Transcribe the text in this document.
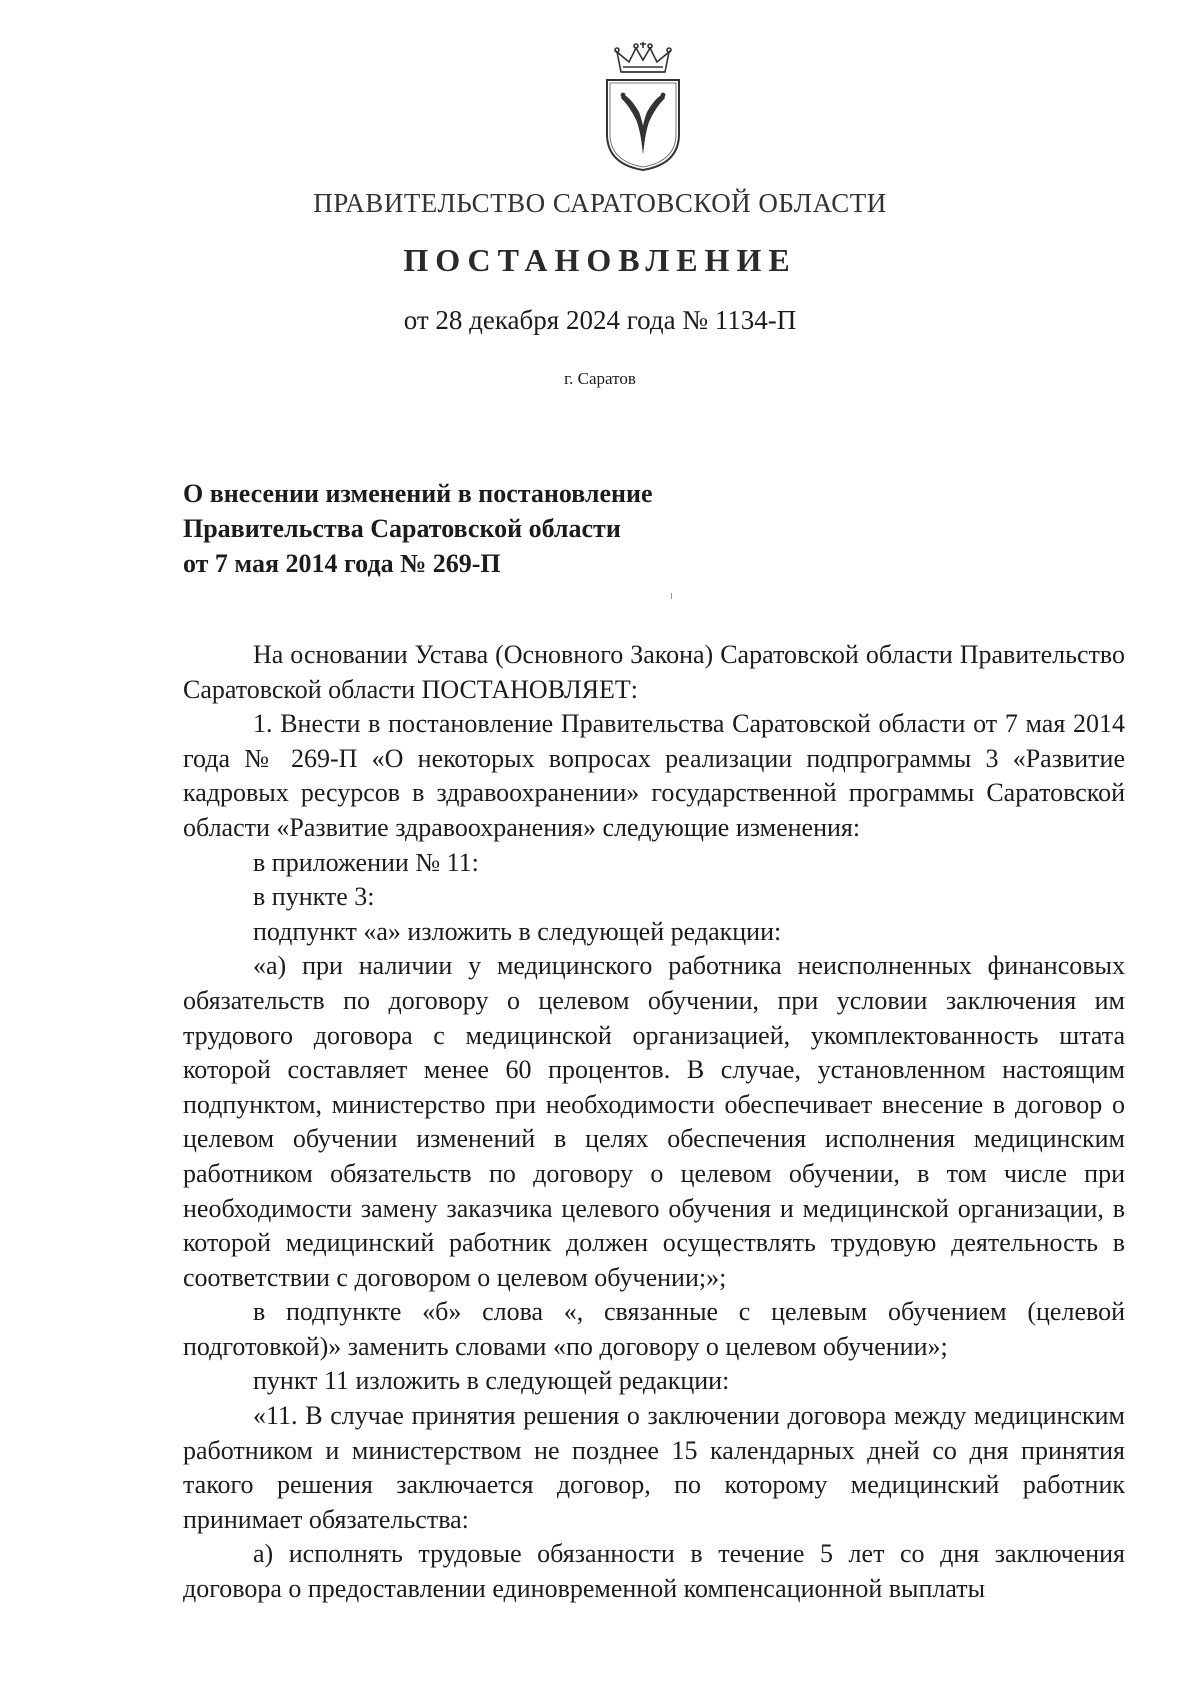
ПРАВИТЕЛЬСТВО САРАТОВСКОЙ ОБЛАСТИ
ПОСТАНОВЛЕНИЕ
от 28 декабря 2024 года № 1134-П
г. Саратов
О внесении изменений в постановление
Правительства Саратовской области
от 7 мая 2014 года № 269-П

На основании Устава (Основного Закона) Саратовской области Правительство Саратовской области ПОСТАНОВЛЯЕТ:

1. Внести в постановление Правительства Саратовской области от 7 мая 2014 года № 269-П «О некоторых вопросах реализации подпрограммы 3 «Развитие кадровых ресурсов в здравоохранении» государственной программы Саратовской области «Развитие здравоохранения» следующие изменения:

в приложении № 11:

в пункте 3:

подпункт «а» изложить в следующей редакции:

«а) при наличии у медицинского работника неисполненных финансовых обязательств по договору о целевом обучении, при условии заключения им трудового договора с медицинской организацией, укомплектованность штата которой составляет менее 60 процентов. В случае, установленном настоящим подпунктом, министерство при необходимости обеспечивает внесение в договор о целевом обучении изменений в целях обеспечения исполнения медицинским работником обязательств по договору о целевом обучении, в том числе при необходимости замену заказчика целевого обучения и медицинской организации, в которой медицинский работник должен осуществлять трудовую деятельность в соответствии с договором о целевом обучении;»;

в подпункте «б» слова «, связанные с целевым обучением (целевой подготовкой)» заменить словами «по договору о целевом обучении»;

пункт 11 изложить в следующей редакции:

«11. В случае принятия решения о заключении договора между медицинским работником и министерством не позднее 15 календарных дней со дня принятия такого решения заключается договор, по которому медицинский работник принимает обязательства:

а) исполнять трудовые обязанности в течение 5 лет со дня заключения договора о предоставлении единовременной компенсационной выплаты
